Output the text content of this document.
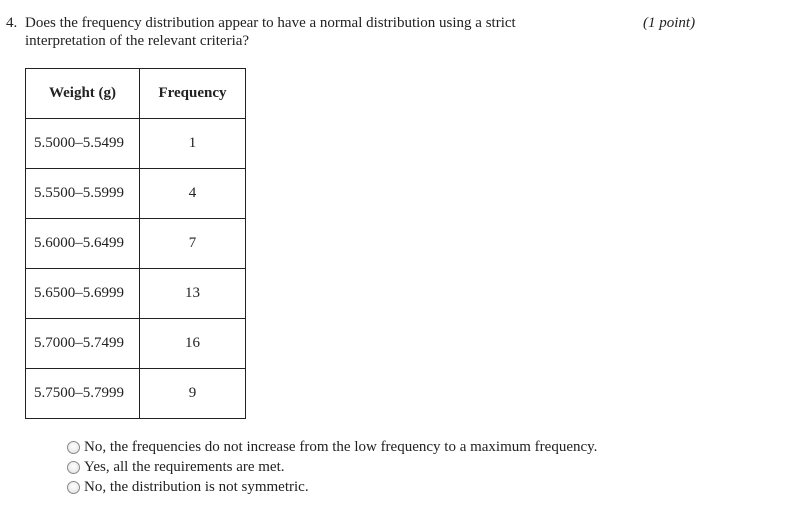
4. Does the frequency distribution appear to have a normal distribution using a strict interpretation of the relevant criteria?
(1 point)
Weight (g)	Frequency
5.5000–5.5499	1
5.5500–5.5999	4
5.6000–5.6499	7
5.6500–5.6999	13
5.7000–5.7499	16
5.7500–5.7999	9
No, the frequencies do not increase from the low frequency to a maximum frequency.
Yes, all the requirements are met.
No, the distribution is not symmetric.
